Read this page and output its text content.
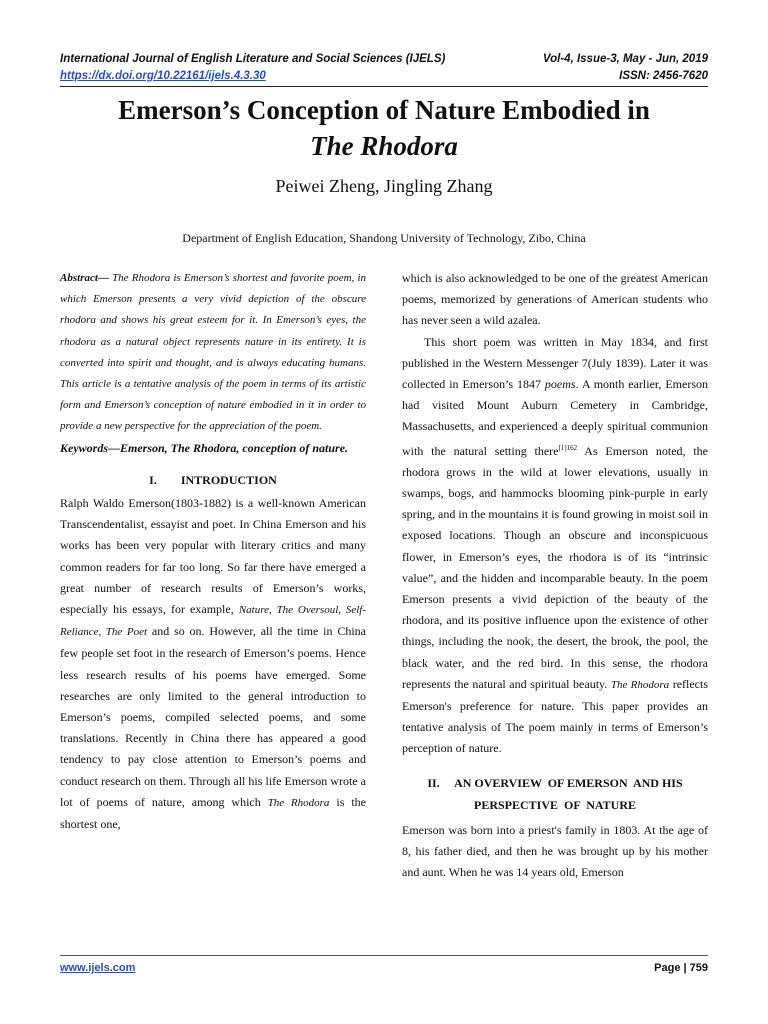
International Journal of English Literature and Social Sciences (IJELS)	Vol-4, Issue-3, May - Jun, 2019
https://dx.doi.org/10.22161/ijels.4.3.30	ISSN: 2456-7620
Emerson’s Conception of Nature Embodied in
The Rhodora
Peiwei Zheng, Jingling Zhang
Department of English Education, Shandong University of Technology, Zibo, China

Abstract— The Rhodora is Emerson’s shortest and favorite poem, in which Emerson presents a very vivid depiction of the obscure rhodora and shows his great esteem for it. In Emerson’s eyes, the rhodora as a natural object represents nature in its entirety. It is converted into spirit and thought, and is always educating humans. This article is a tentative analysis of the poem in terms of its artistic form and Emerson’s conception of nature embodied in it in order to provide a new perspective for the appreciation of the poem.

Keywords—Emerson, The Rhodora, conception of nature.

I.        INTRODUCTION

Ralph Waldo Emerson(1803-1882) is a well-known American Transcendentalist, essayist and poet. In China Emerson and his works has been very popular with literary critics and many common readers for far too long. So far there have emerged a great number of research results of Emerson’s works, especially his essays, for example, Nature, The Oversoul, Self-Reliance, The Poet and so on. However, all the time in China few people set foot in the research of Emerson’s poems. Hence less research results of his poems have emerged. Some researches are only limited to the general introduction to Emerson’s poems, compiled selected poems, and some translations. Recently in China there has appeared a good tendency to pay close attention to Emerson’s poems and conduct research on them. Through all his life Emerson wrote a lot of poems of nature, among which The Rhodora is the shortest one,

which is also acknowledged to be one of the greatest American poems, memorized by generations of American students who has never seen a wild azalea.

This short poem was written in May 1834, and first published in the Western Messenger 7(July 1839). Later it was collected in Emerson’s 1847 poems. A month earlier, Emerson had visited Mount Auburn Cemetery in Cambridge, Massachusetts, and experienced a deeply spiritual communion with the natural setting there$^{[1]162}$ As Emerson noted, the rhodora grows in the wild at lower elevations, usually in swamps, bogs, and hammocks blooming pink-purple in early spring, and in the mountains it is found growing in moist soil in exposed locations. Though an obscure and inconspicuous flower, in Emerson’s eyes, the rhodora is of its “intrinsic value”, and the hidden and incomparable beauty. In the poem Emerson presents a vivid depiction of the beauty of the rhodora, and its positive influence upon the existence of other things, including the nook, the desert, the brook, the pool, the black water, and the red bird. In this sense, the rhodora represents the natural and spiritual beauty. The Rhodora reflects Emerson's preference for nature. This paper provides an tentative analysis of The poem mainly in terms of Emerson’s perception of nature.

II.     AN OVERVIEW  OF EMERSON  AND HIS
PERSPECTIVE  OF  NATURE

Emerson was born into a priest's family in 1803. At the age of 8, his father died, and then he was brought up by his mother and aunt. When he was 14 years old, Emerson

www.ijels.com	Page | 759
